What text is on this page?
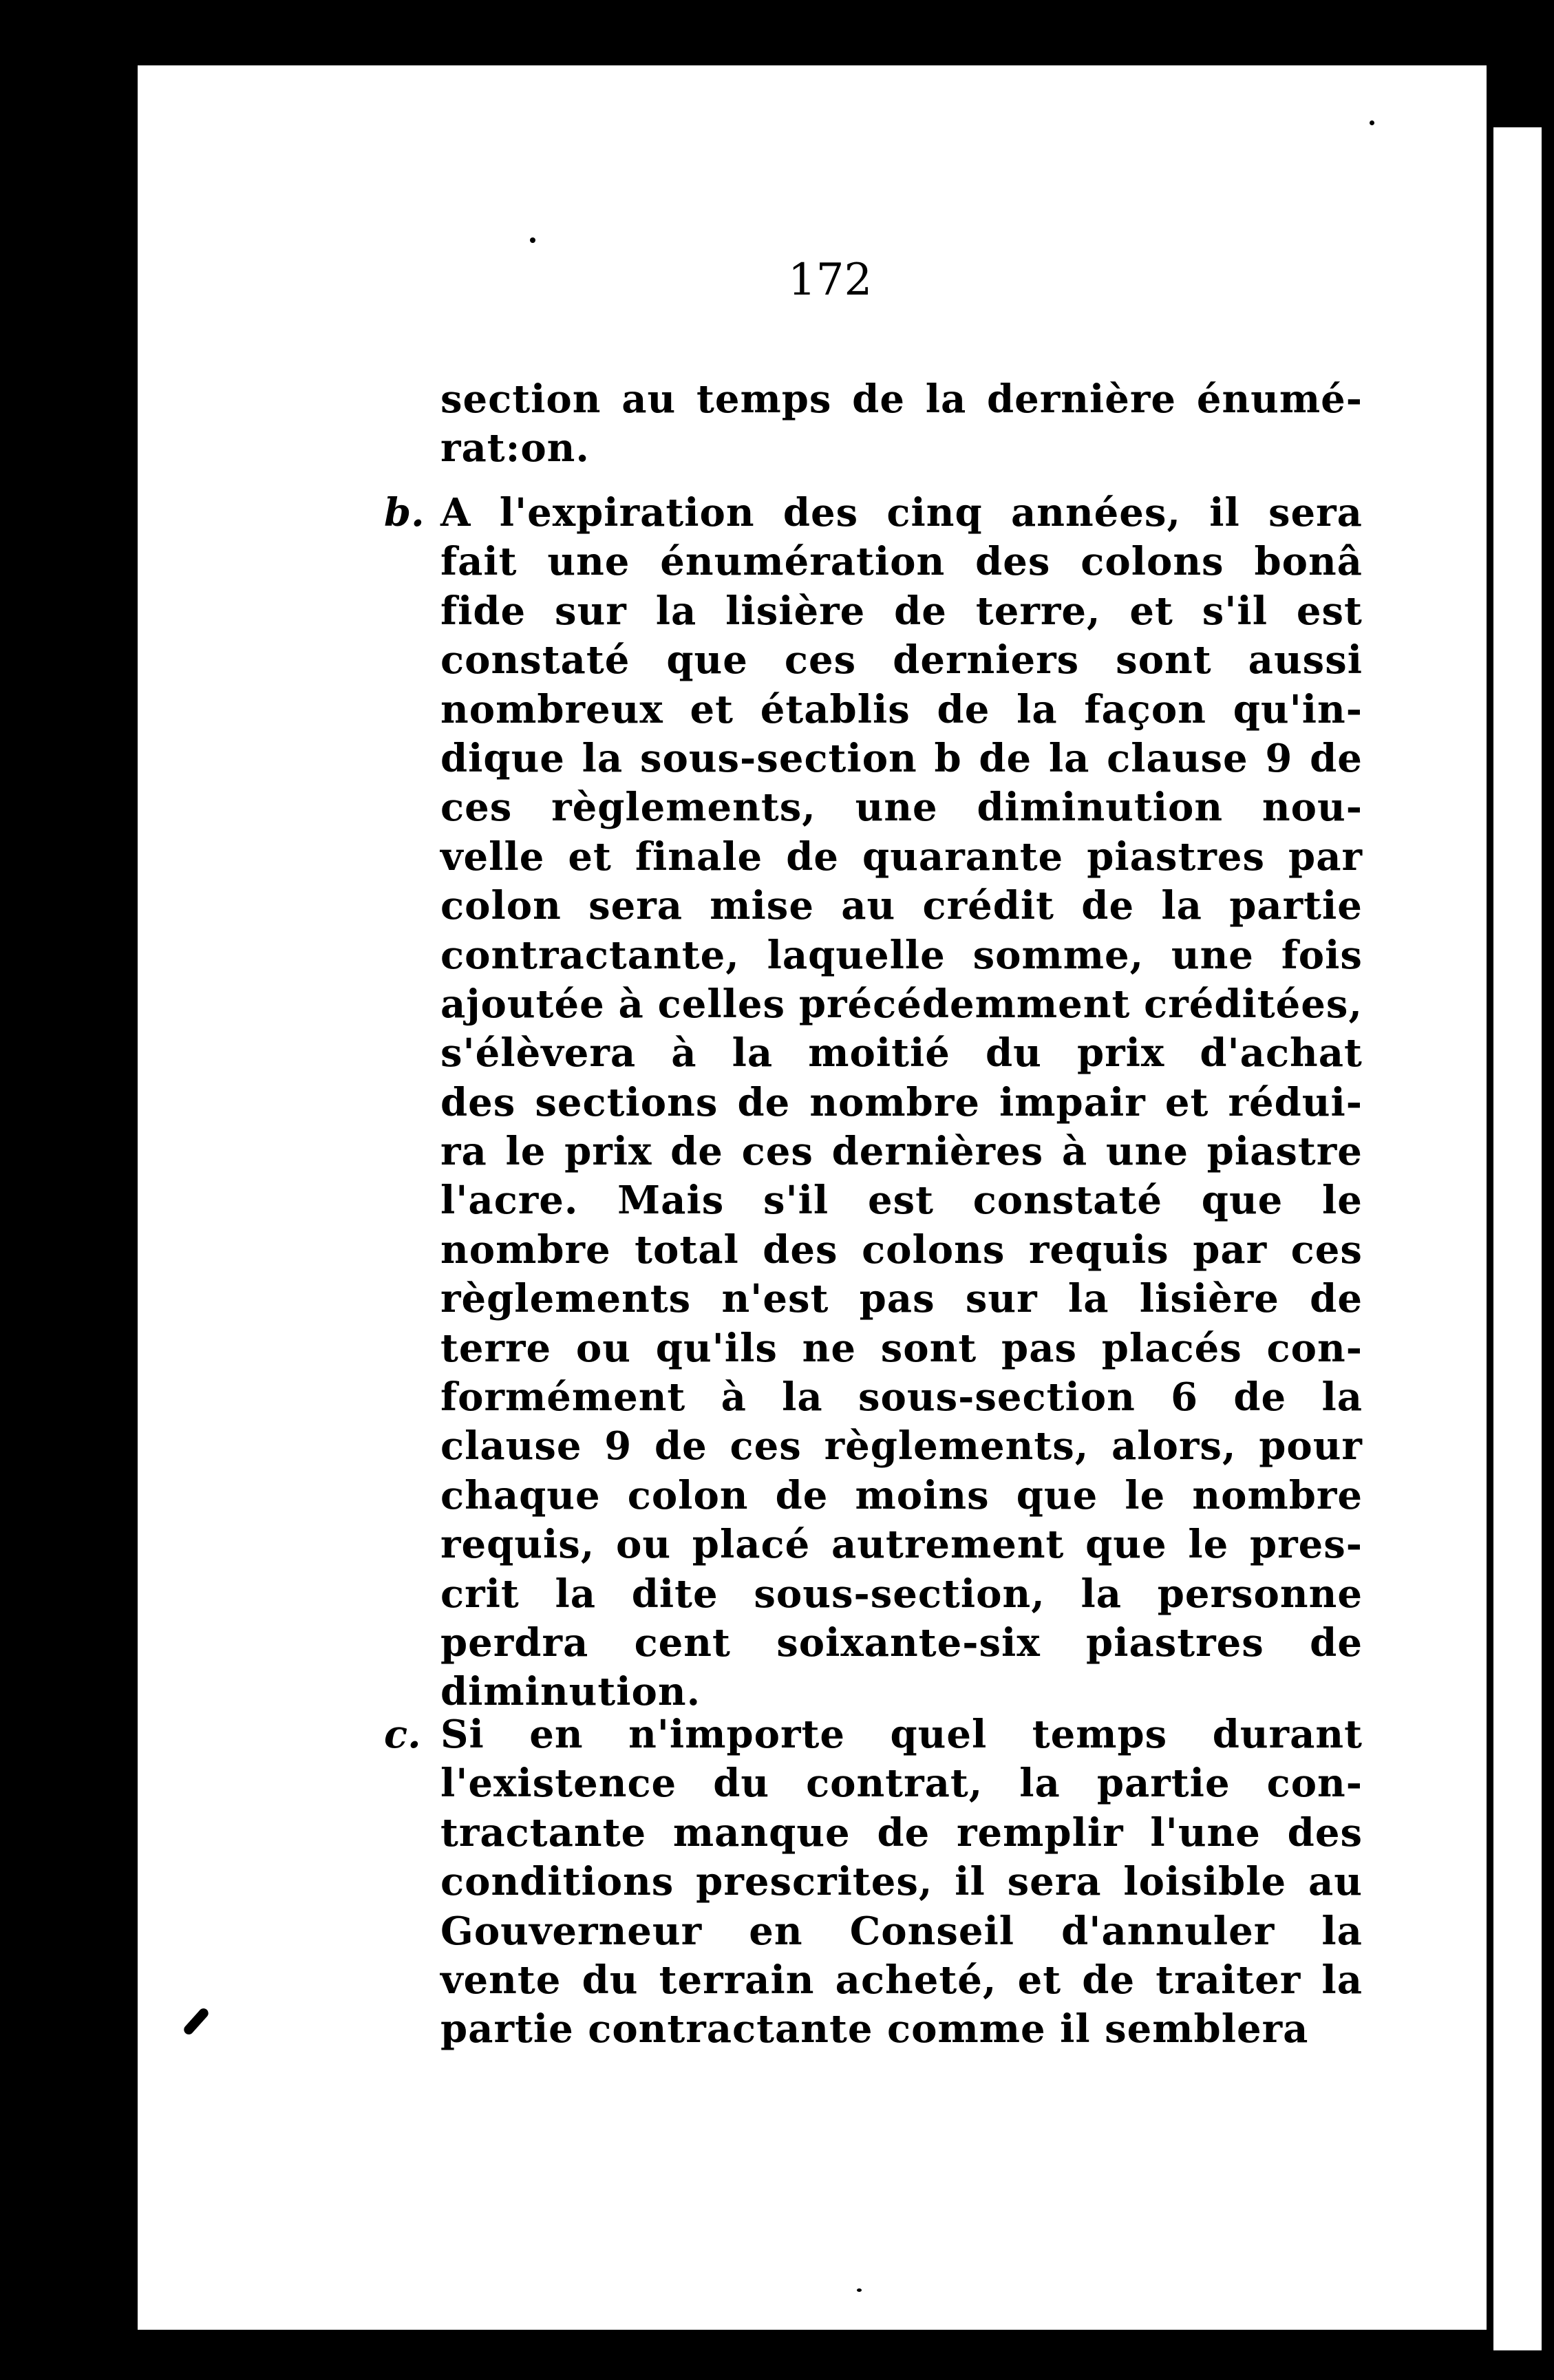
172

section au temps de la dernière énumé-
rat:on.
b. A l'expiration des cinq années, il sera
fait une énumération des colons bonâ
fide sur la lisière de terre, et s'il est
constaté que ces derniers sont aussi
nombreux et établis de la façon qu'in-
dique la sous-section b de la clause 9 de
ces règlements, une diminution nou-
velle et finale de quarante piastres par
colon sera mise au crédit de la partie
contractante, laquelle somme, une fois
ajoutée à celles précédemment créditées,
s'élèvera à la moitié du prix d'achat
des sections de nombre impair et rédui-
ra le prix de ces dernières à une piastre
l'acre. Mais s'il est constaté que le
nombre total des colons requis par ces
règlements n'est pas sur la lisière de
terre ou qu'ils ne sont pas placés con-
formément à la sous-section 6 de la
clause 9 de ces règlements, alors, pour
chaque colon de moins que le nombre
requis, ou placé autrement que le pres-
crit la dite sous-section, la personne
perdra cent soixante-six piastres de
diminution.
c. Si en n'importe quel temps durant
l'existence du contrat, la partie con-
tractante manque de remplir l'une des
conditions prescrites, il sera loisible au
Gouverneur en Conseil d'annuler la
vente du terrain acheté, et de traiter la
partie contractante comme il semblera
